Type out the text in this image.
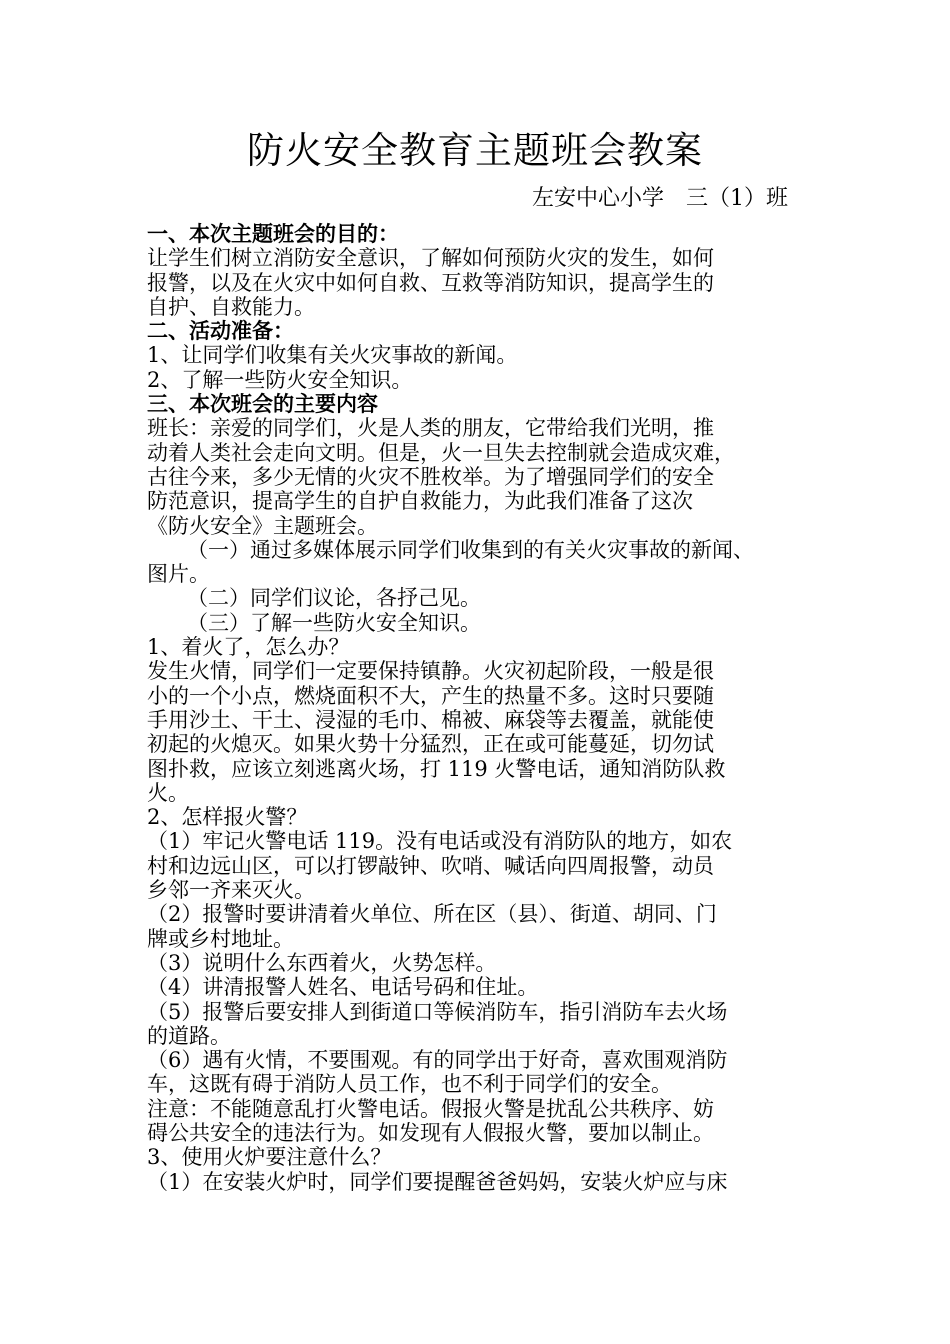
防火安全教育主题班会教案
左安中心小学　三（1）班
一、本次主题班会的目的：
让学生们树立消防安全意识，了解如何预防火灾的发生，如何
报警，以及在火灾中如何自救、互救等消防知识，提高学生的
自护、自救能力。
二、活动准备：
1、让同学们收集有关火灾事故的新闻。
2、了解一些防火安全知识。
三、本次班会的主要内容
班长：亲爱的同学们，火是人类的朋友，它带给我们光明，推
动着人类社会走向文明。但是，火一旦失去控制就会造成灾难，
古往今来，多少无情的火灾不胜枚举。为了增强同学们的安全
防范意识，提高学生的自护自救能力，为此我们准备了这次
《防火安全》主题班会。
（一）通过多媒体展示同学们收集到的有关火灾事故的新闻、
图片。
（二）同学们议论，各抒己见。
（三）了解一些防火安全知识。
1、着火了，怎么办？
发生火情，同学们一定要保持镇静。火灾初起阶段，一般是很
小的一个小点，燃烧面积不大，产生的热量不多。这时只要随
手用沙土、干土、浸湿的毛巾、棉被、麻袋等去覆盖，就能使
初起的火熄灭。如果火势十分猛烈，正在或可能蔓延，切勿试
图扑救，应该立刻逃离火场，打 119 火警电话，通知消防队救
火。
2、怎样报火警？
（1）牢记火警电话 119。没有电话或没有消防队的地方，如农
村和边远山区，可以打锣敲钟、吹哨、喊话向四周报警，动员
乡邻一齐来灭火。
（2）报警时要讲清着火单位、所在区（县）、街道、胡同、门
牌或乡村地址。
（3）说明什么东西着火，火势怎样。
（4）讲清报警人姓名、电话号码和住址。
（5）报警后要安排人到街道口等候消防车，指引消防车去火场
的道路。
（6）遇有火情，不要围观。有的同学出于好奇，喜欢围观消防
车，这既有碍于消防人员工作，也不利于同学们的安全。
注意：不能随意乱打火警电话。假报火警是扰乱公共秩序、妨
碍公共安全的违法行为。如发现有人假报火警，要加以制止。
3、使用火炉要注意什么？
（1）在安装火炉时，同学们要提醒爸爸妈妈，安装火炉应与床
